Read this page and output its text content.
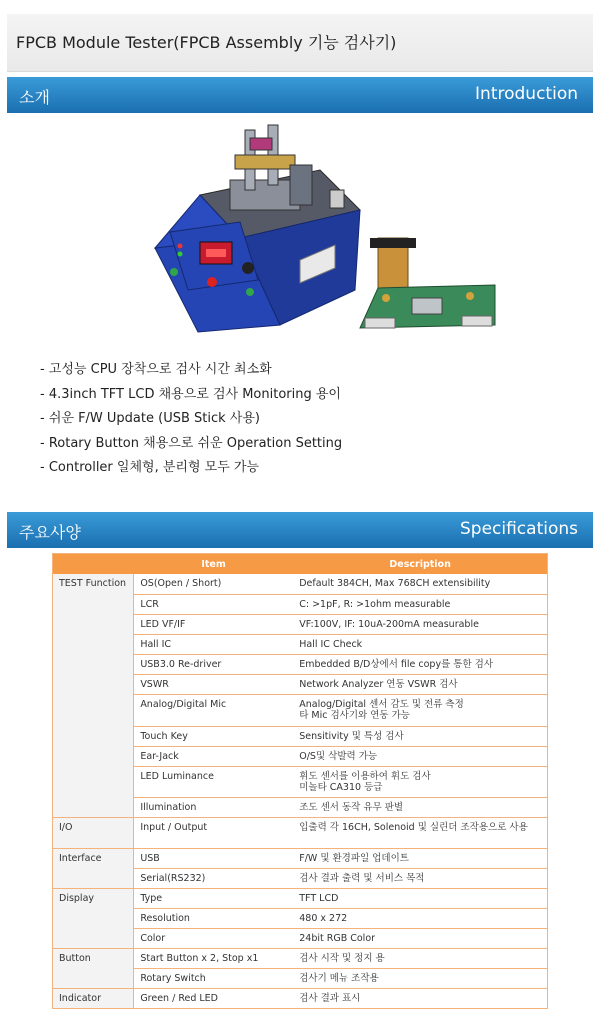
FPCB Module Tester(FPCB Assembly 기능 검사기)
소개	Introduction
- 고성능 CPU 장착으로 검사 시간 최소화
- 4.3inch TFT LCD 채용으로 검사 Monitoring 용이
- 쉬운 F/W Update (USB Stick 사용)
- Rotary Button 채용으로 쉬운 Operation Setting
- Controller 일체형, 분리형 모두 가능
주요사양	Specifications
	Item	Description
TEST Function	OS(Open / Short)	Default 384CH, Max 768CH extensibility

	LCR	C: >1pF, R: >1ohm measurable

	LED VF/IF	VF:100V, IF: 10uA-200mA measurable

	Hall IC	Hall IC Check

	USB3.0 Re-driver	Embedded B/D상에서 file copy를 통한 검사

	VSWR	Network Analyzer 연동 VSWR 검사

	Analog/Digital Mic	Analog/Digital 센서 감도 및 전류 측정
타 Mic 검사기와 연동 가능

	Touch Key	Sensitivity 및 특성 검사

	Ear-Jack	O/S및 삭발력 가능

	LED Luminance	휘도 센서를 이용하여 휘도 검사
미놀타 CA310 등급

	Illumination	조도 센서 동작 유무 판별

I/O	Input / Output	입출력 각 16CH, Solenoid 및 실린더 조작용으로 사용

Interface	USB	F/W 및 환경파일 업데이트

	Serial(RS232)	검사 결과 출력 및 서비스 목적

Display	Type	TFT LCD

	Resolution	480 x 272

	Color	24bit RGB Color

Button	Start Button x 2, Stop x1	검사 시작 및 정지 용

	Rotary Switch	검사기 메뉴 조작용

Indicator	Green / Red LED	검사 결과 표시
